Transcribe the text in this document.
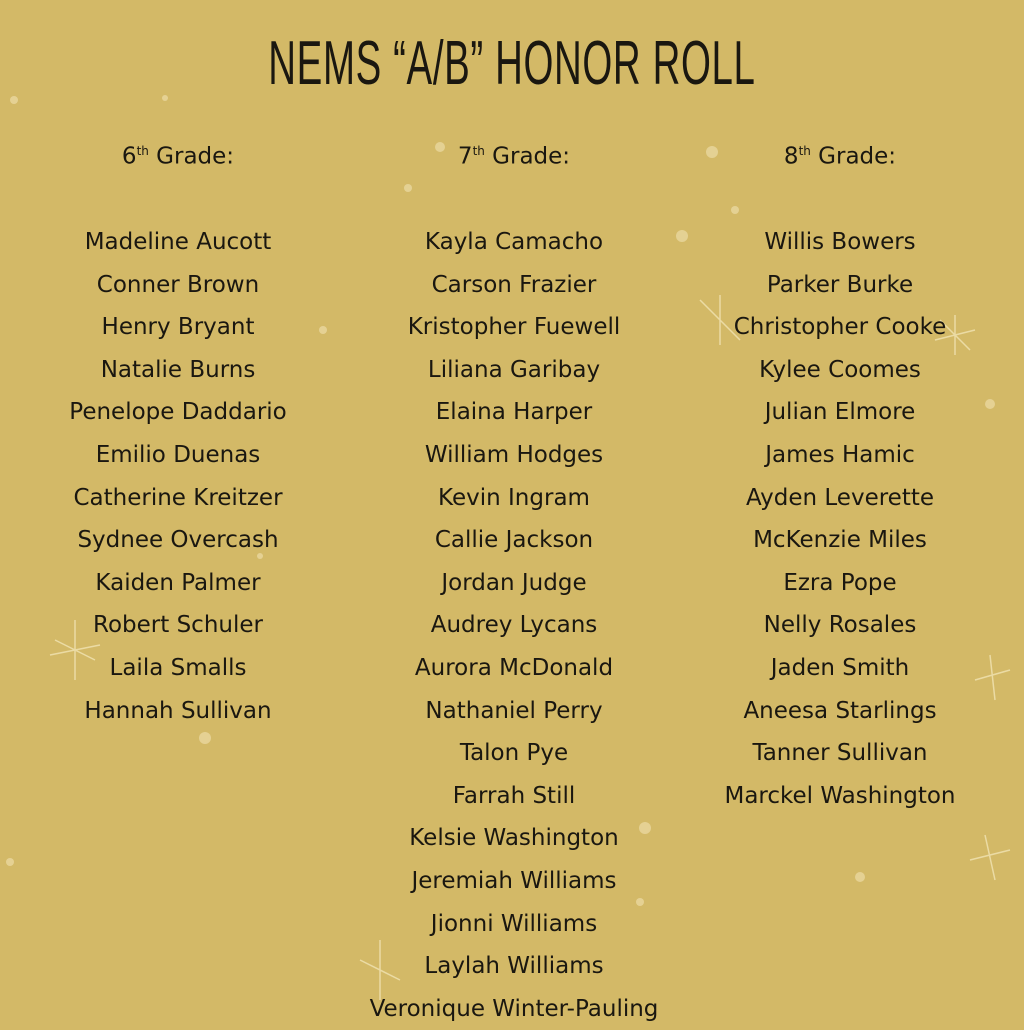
NEMS “A/B” HONOR ROLL
6th Grade:
Madeline Aucott
Conner Brown
Henry Bryant
Natalie Burns
Penelope Daddario
Emilio Duenas
Catherine Kreitzer
Sydnee Overcash
Kaiden Palmer
Robert Schuler
Laila Smalls
Hannah Sullivan
7th Grade:
Kayla Camacho
Carson Frazier
Kristopher Fuewell
Liliana Garibay
Elaina Harper
William Hodges
Kevin Ingram
Callie Jackson
Jordan Judge
Audrey Lycans
Aurora McDonald
Nathaniel Perry
Talon Pye
Farrah Still
Kelsie Washington
Jeremiah Williams
Jionni Williams
Laylah Williams
Veronique Winter-Pauling
8th Grade:
Willis Bowers
Parker Burke
Christopher Cooke
Kylee Coomes
Julian Elmore
James Hamic
Ayden Leverette
McKenzie Miles
Ezra Pope
Nelly Rosales
Jaden Smith
Aneesa Starlings
Tanner Sullivan
Marckel Washington
